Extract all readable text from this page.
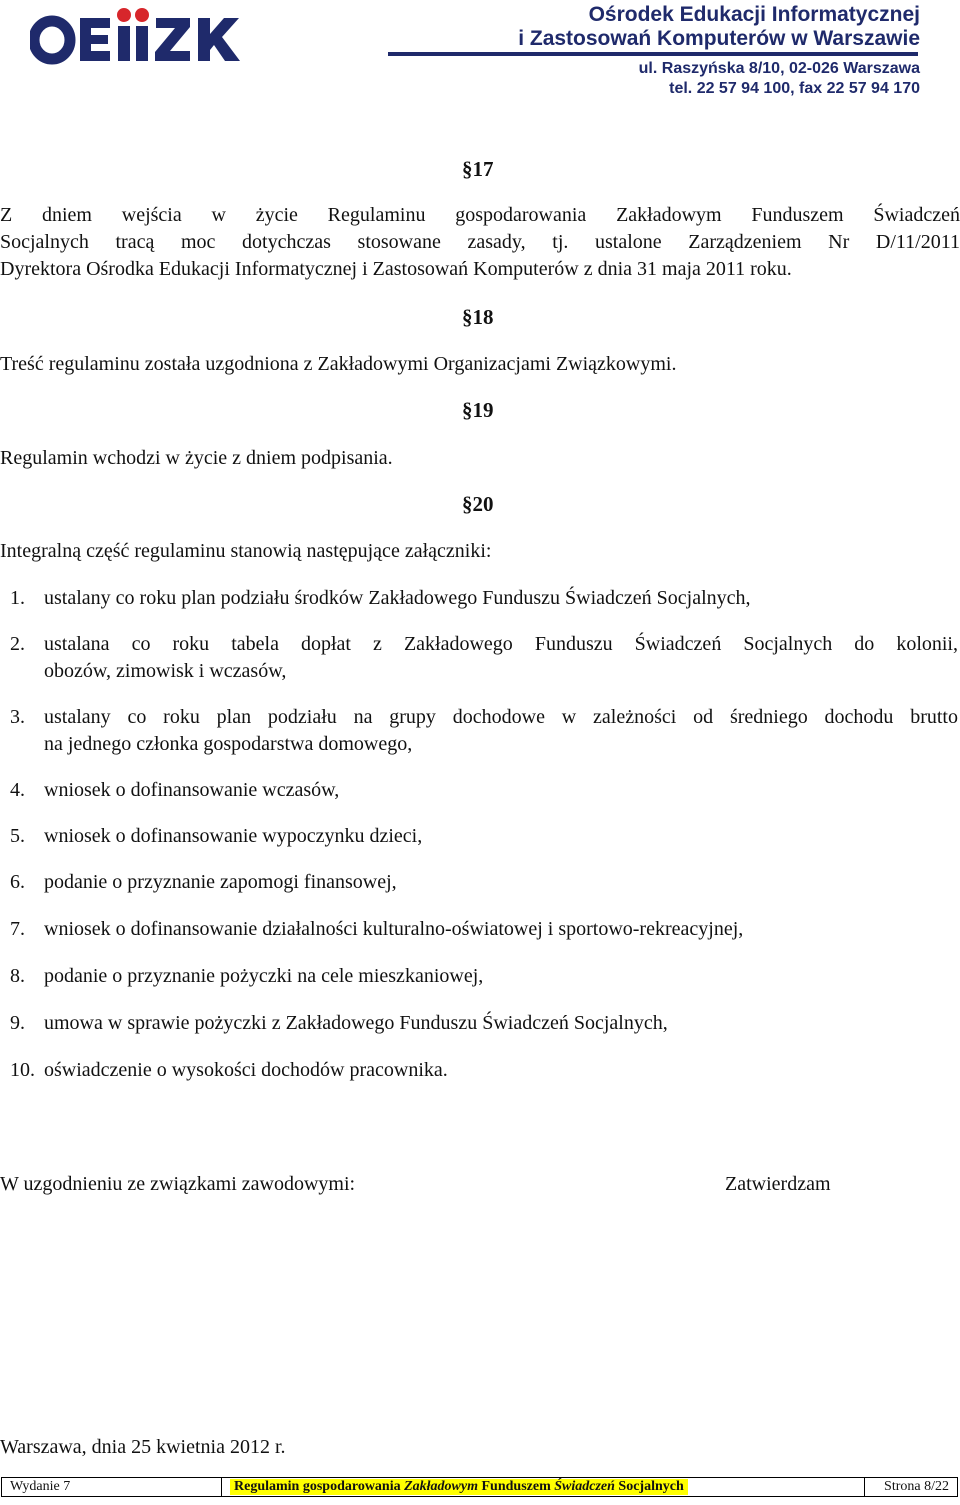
Ośrodek Edukacji Informatycznej
i Zastosowań Komputerów w Warszawie
ul. Raszyńska 8/10, 02-026 Warszawa
tel. 22 57 94 100, fax 22 57 94 170
§17
Z dniem wejścia w życie Regulaminu gospodarowania Zakładowym Funduszem Świadczeń
Socjalnych tracą moc dotychczas stosowane zasady, tj. ustalone Zarządzeniem Nr D/11/2011
Dyrektora Ośrodka Edukacji Informatycznej i Zastosowań Komputerów z dnia 31 maja 2011 roku.
§18
Treść regulaminu została uzgodniona z Zakładowymi Organizacjami Związkowymi.
§19
Regulamin wchodzi w życie z dniem podpisania.
§20
Integralną część regulaminu stanowią następujące załączniki:
1. ustalany co roku plan podziału środków Zakładowego Funduszu Świadczeń Socjalnych,
2. ustalana co roku tabela dopłat z Zakładowego Funduszu Świadczeń Socjalnych do kolonii,
obozów, zimowisk i wczasów,
3. ustalany co roku plan podziału na grupy dochodowe w zależności od średniego dochodu brutto
na jednego członka gospodarstwa domowego,
4. wniosek o dofinansowanie wczasów,
5. wniosek o dofinansowanie wypoczynku dzieci,
6. podanie o przyznanie zapomogi finansowej,
7. wniosek o dofinansowanie działalności kulturalno-oświatowej i sportowo-rekreacyjnej,
8. podanie o przyznanie pożyczki na cele mieszkaniowej,
9. umowa w sprawie pożyczki z Zakładowego Funduszu Świadczeń Socjalnych,
10. oświadczenie o wysokości dochodów pracownika.
W uzgodnieniu ze związkami zawodowymi:	Zatwierdzam
Warszawa, dnia 25 kwietnia 2012 r.
Wydanie 7	Regulamin gospodarowania Zakładowym Funduszem Świadczeń Socjalnych	Strona 8/22
